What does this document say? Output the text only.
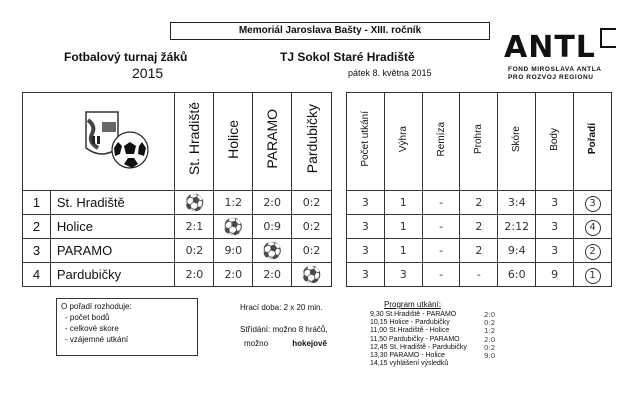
Memoriál Jaroslava Bašty - XIII. ročník	ANTL
FOND MIROSLAVA ANTLA
PRO ROZVOJ REGIONU
Fotbalový turnaj žáků
2015
TJ Sokol Staré Hradiště
pátek 8. května 2015
		St. Hradiště	Holice	PARAMO	Pardubičky
1	St. Hradiště	⚽	1:2	2:0	0:2
2	Holice	2:1	⚽	0:9	0:2
3	PARAMO	0:2	9:0	⚽	0:2
4	Pardubičky	2:0	2:0	2:0	⚽
Počet utkání	Výhra	Remíza	Prohra	Skóre	Body	Pořadí
3	1	-	2	3:4	3	3
3	1	-	2	2:12	3	4
3	1	-	2	9:4	3	2
3	3	-	-	6:0	9	1
O pořadí rozhoduje:
- počet bodů
- celkové skore
- vzájemné utkání
Hrací doba: 2 x 20 min.
Střídání: možno 8 hráčů,
možno	hokejově
Program utkání:
9,30 St.Hradiště - PARAMO	2:0
10,15 Holice - Pardubičky	0:2
11,00 St.Hradiště - Holice	1:2
11,50 Pardubičky - PARAMO	2:0
12,45 St. Hradiště - Pardubičky	0:2
13,30 PARAMO - Holice	9:0
14,15 vyhlášení výsledků
